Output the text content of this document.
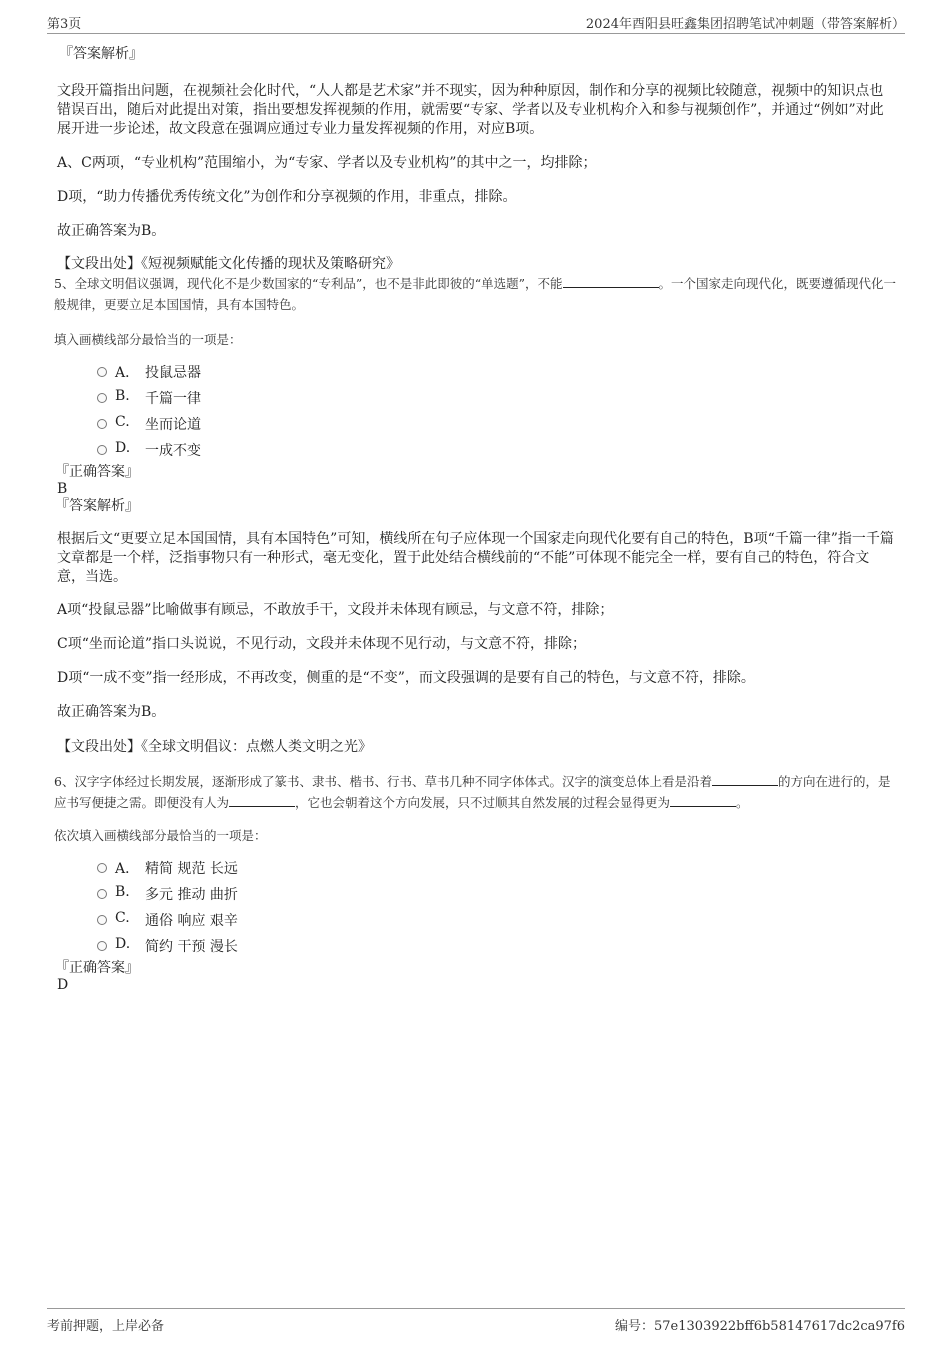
第3页	2024年酉阳县旺鑫集团招聘笔试冲刺题（带答案解析）

『答案解析』

文段开篇指出问题，在视频社会化时代，“人人都是艺术家”并不现实，因为种种原因，制作和分享的视频比较随意，视频中的知识点也错误百出，随后对此提出对策，指出要想发挥视频的作用，就需要“专家、学者以及专业机构介入和参与视频创作”，并通过“例如”对此展开进一步论述，故文段意在强调应通过专业力量发挥视频的作用，对应B项。

A、C两项，“专业机构”范围缩小，为“专家、学者以及专业机构”的其中之一，均排除；

D项，“助力传播优秀传统文化”为创作和分享视频的作用，非重点，排除。

故正确答案为B。

【文段出处】《短视频赋能文化传播的现状及策略研究》

5、全球文明倡议强调，现代化不是少数国家的“专利品”，也不是非此即彼的“单选题”，不能	。一个国家走向现代化，既要遵循现代化一般规律，更要立足本国国情，具有本国特色。

填入画横线部分最恰当的一项是：

A． 投鼠忌器
B. 千篇一律
C. 坐而论道
D. 一成不变

『正确答案』

B

『答案解析』

根据后文“更要立足本国国情，具有本国特色”可知，横线所在句子应体现一个国家走向现代化要有自己的特色，B项“千篇一律”指一千篇文章都是一个样，泛指事物只有一种形式，毫无变化，置于此处结合横线前的“不能”可体现不能完全一样，要有自己的特色，符合文意，当选。

A项“投鼠忌器”比喻做事有顾忌，不敢放手干，文段并未体现有顾忌，与文意不符，排除；

C项“坐而论道”指口头说说，不见行动，文段并未体现不见行动，与文意不符，排除；

D项“一成不变”指一经形成，不再改变，侧重的是“不变”，而文段强调的是要有自己的特色，与文意不符，排除。

故正确答案为B。

【文段出处】《全球文明倡议：点燃人类文明之光》

6、汉字字体经过长期发展，逐渐形成了篆书、隶书、楷书、行书、草书几种不同字体体式。汉字的演变总体上看是沿着	的方向在进行的，是应书写便捷之需。即便没有人为	，它也会朝着这个方向发展，只不过顺其自然发展的过程会显得更为	。

依次填入画横线部分最恰当的一项是：

A． 精简 规范 长远
B. 多元 推动 曲折
C. 通俗 响应 艰辛
D. 简约 干预 漫长

『正确答案』

D

考前押题，上岸必备	编号：57e1303922bff6b58147617dc2ca97f6
